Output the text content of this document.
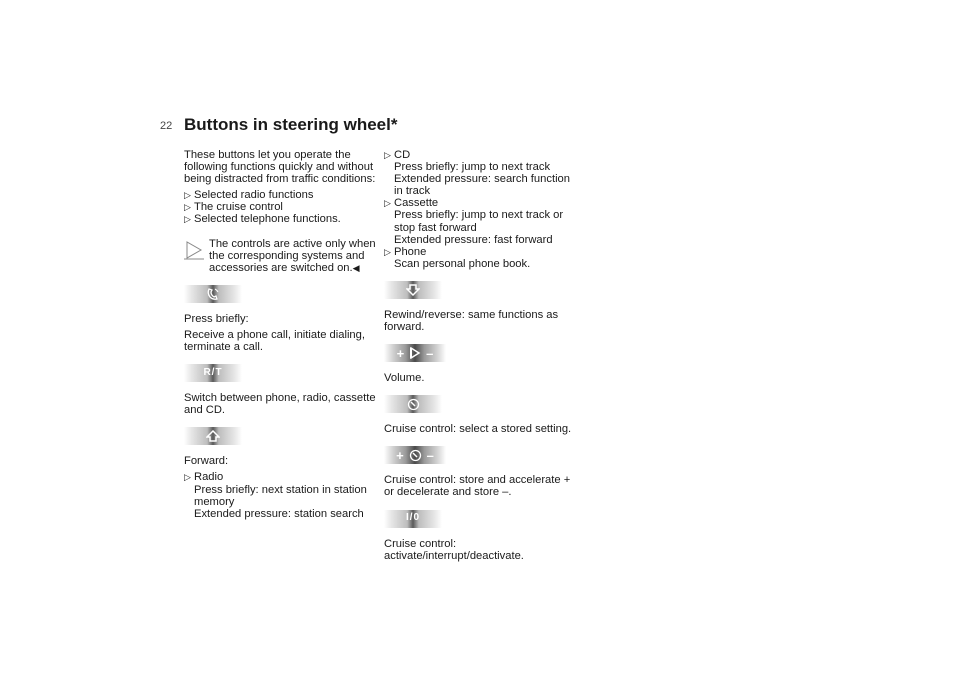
22 Buttons in steering wheel*

These buttons let you operate the following functions quickly and without being distracted from traffic conditions:

▷ Selected radio functions
▷ The cruise control
▷ Selected telephone functions.
The controls are active only when the corresponding systems and accessories are switched on.◀

Press briefly:

Receive a phone call, initiate dialing, terminate a call.

R/T

Switch between phone, radio, cassette and CD.

Forward:

▷ Radio
Press briefly: next station in station memory
Extended pressure: station search
▷ CD
Press briefly: jump to next track
Extended pressure: search function in track
▷ Cassette
Press briefly: jump to next track or stop fast forward
Extended pressure: fast forward
▷ Phone
Scan personal phone book.

Rewind/reverse: same functions as forward.

+ –

Volume.

Cruise control: select a stored setting.

+ –

Cruise control: store and accelerate + or decelerate and store –.

I/0

Cruise control: activate/interrupt/deactivate.
